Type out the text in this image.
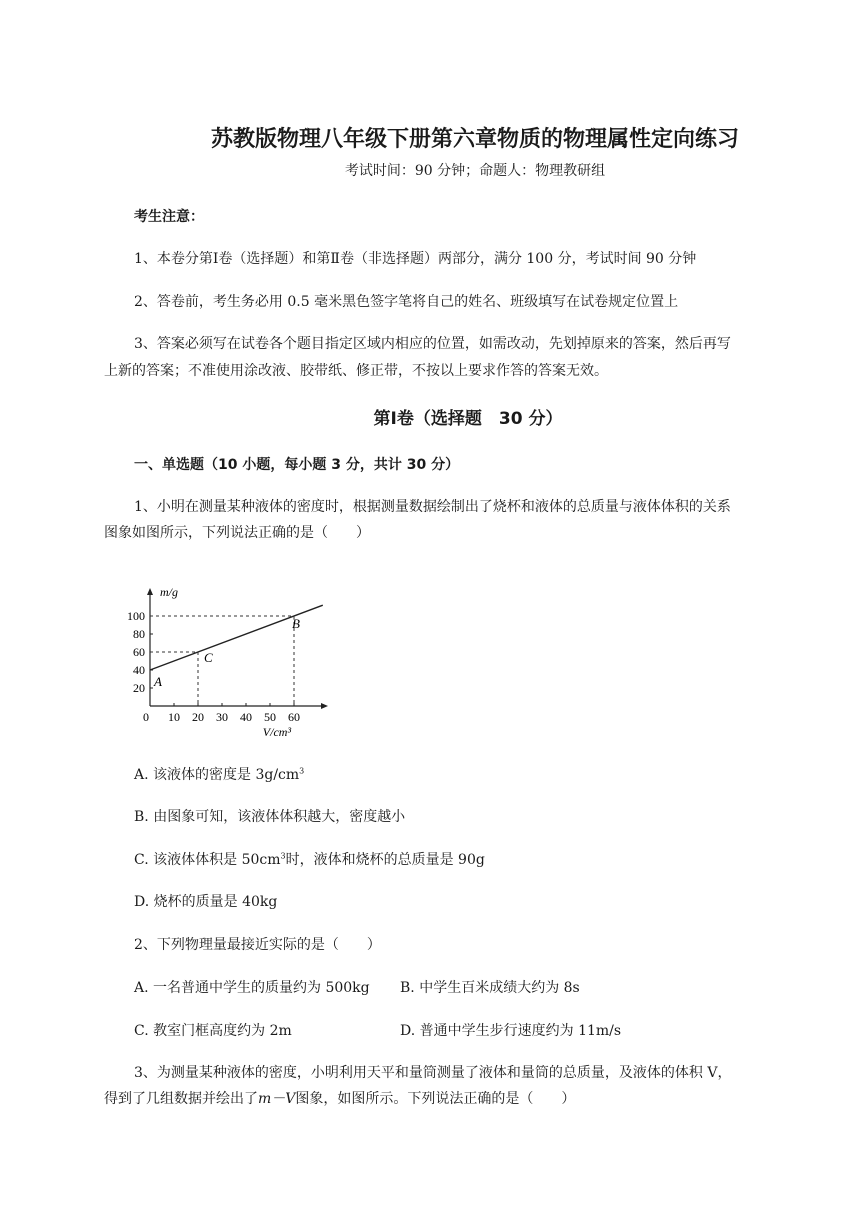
苏教版物理八年级下册第六章物质的物理属性定向练习
考试时间：90 分钟；命题人：物理教研组
考生注意：
1、本卷分第Ⅰ卷（选择题）和第Ⅱ卷（非选择题）两部分，满分 100 分，考试时间 90 分钟
2、答卷前，考生务必用 0.5 毫米黑色签字笔将自己的姓名、班级填写在试卷规定位置上
3、答案必须写在试卷各个题目指定区域内相应的位置，如需改动，先划掉原来的答案，然后再写
上新的答案；不准使用涂改液、胶带纸、修正带，不按以上要求作答的答案无效。
第Ⅰ卷（选择题　30 分）
一、单选题（10 小题，每小题 3 分，共计 30 分）
1、小明在测量某种液体的密度时，根据测量数据绘制出了烧杯和液体的总质量与液体体积的关系
图象如图所示，下列说法正确的是（　　）
m/g
V/cm³
0 10 20 30 40 50 60
20
40
60
80
100
A
C
B
A. 该液体的密度是 $3g/cm^3$
B. 由图象可知，该液体体积越大，密度越小
C. 该液体体积是 $50cm^3$时，液体和烧杯的总质量是 90g
D. 烧杯的质量是 40kg
2、下列物理量最接近实际的是（　　）
A. 一名普通中学生的质量约为 500kg B. 中学生百米成绩大约为 8s
C. 教室门框高度约为 2m	D. 普通中学生步行速度约为 11m/s
3、为测量某种液体的密度，小明利用天平和量筒测量了液体和量筒的总质量，及液体的体积 V，
得到了几组数据并绘出了m－V图象，如图所示。下列说法正确的是（　　）
